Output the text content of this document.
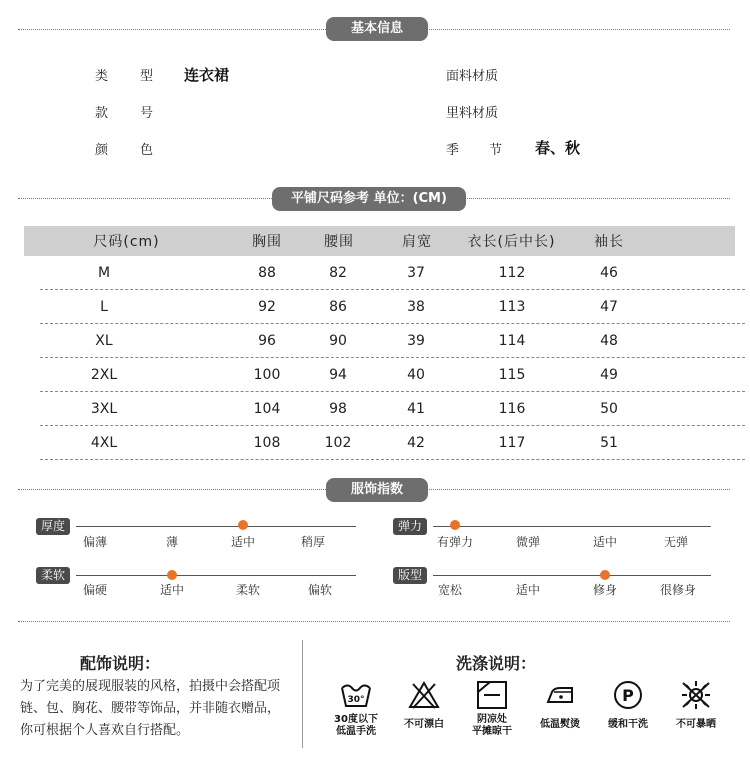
基本信息
类 型 连衣裙
款 号
颜 色
面料材质
里料材质
季 节 春、秋
平铺尺码参考 单位：(CM)
尺码(cm)	胸围	腰围	肩宽	衣长(后中长)	袖长
M	88	82	37	112	46
L	92	86	38	113	47
XL	96	90	39	114	48
2XL	100	94	40	115	49
3XL	104	98	41	116	50
4XL	108	102	42	117	51
服饰指数
厚度
偏薄	薄	适中	稍厚
弹力
有弹力	微弹	适中	无弹
柔软
偏硬	适中	柔软	偏软
版型
宽松	适中	修身	很修身
配饰说明：
为了完美的展现服装的风格，拍摄中会搭配项链、包、胸花、腰带等饰品，并非随衣赠品，你可根据个人喜欢自行搭配。
洗涤说明：
30°	P
30度以下
低温手洗
不可漂白	阴凉处
平摊晾干
低温熨烫	缓和干洗	不可暴晒
